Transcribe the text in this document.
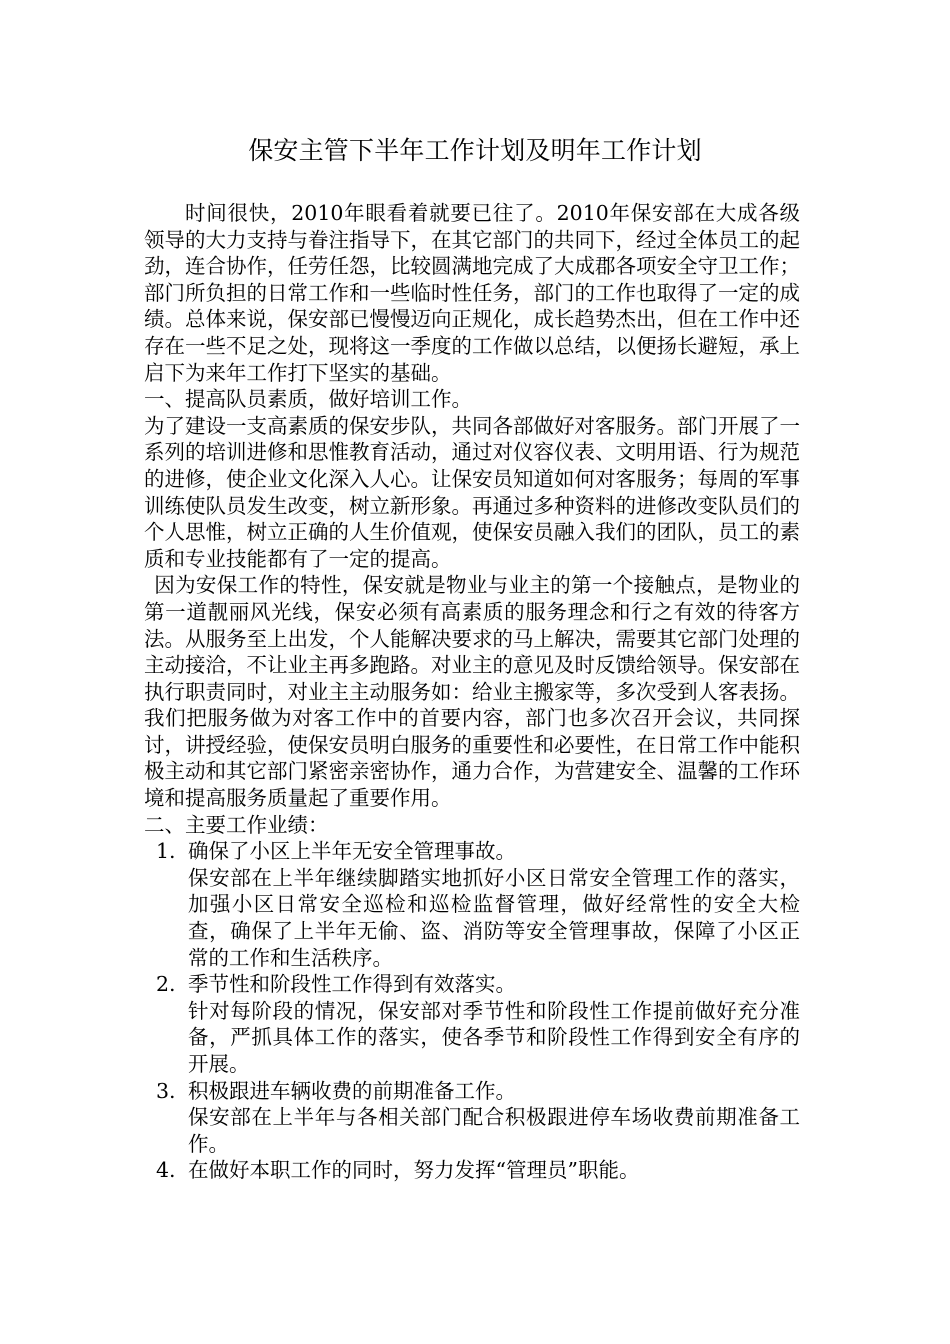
保安主管下半年工作计划及明年工作计划

时间很快，2010年眼看着就要已往了。2010年保安部在大成各级领导的大力支持与眷注指导下，在其它部门的共同下，经过全体员工的起劲，连合协作，任劳任怨，比较圆满地完成了大成郡各项安全守卫工作；部门所负担的日常工作和一些临时性任务，部门的工作也取得了一定的成绩。总体来说，保安部已慢慢迈向正规化，成长趋势杰出，但在工作中还存在一些不足之处，现将这一季度的工作做以总结，以便扬长避短，承上启下为来年工作打下坚实的基础。

一、提高队员素质，做好培训工作。

为了建设一支高素质的保安步队，共同各部做好对客服务。部门开展了一系列的培训进修和思惟教育活动，通过对仪容仪表、文明用语、行为规范的进修，使企业文化深入人心。让保安员知道如何对客服务；每周的军事训练使队员发生改变，树立新形象。再通过多种资料的进修改变队员们的个人思惟，树立正确的人生价值观，使保安员融入我们的团队，员工的素质和专业技能都有了一定的提高。

因为安保工作的特性，保安就是物业与业主的第一个接触点，是物业的第一道靓丽风光线，保安必须有高素质的服务理念和行之有效的待客方法。从服务至上出发，个人能解决要求的马上解决，需要其它部门处理的主动接洽，不让业主再多跑路。对业主的意见及时反馈给领导。保安部在执行职责同时，对业主主动服务如：给业主搬家等，多次受到人客表扬。我们把服务做为对客工作中的首要内容，部门也多次召开会议，共同探讨，讲授经验，使保安员明白服务的重要性和必要性，在日常工作中能积极主动和其它部门紧密亲密协作，通力合作，为营建安全、温馨的工作环境和提高服务质量起了重要作用。

二、主要工作业绩：

1. 确保了小区上半年无安全管理事故。
保安部在上半年继续脚踏实地抓好小区日常安全管理工作的落实，加强小区日常安全巡检和巡检监督管理，做好经常性的安全大检查，确保了上半年无偷、盗、消防等安全管理事故，保障了小区正常的工作和生活秩序。
2. 季节性和阶段性工作得到有效落实。
针对每阶段的情况，保安部对季节性和阶段性工作提前做好充分准备，严抓具体工作的落实，使各季节和阶段性工作得到安全有序的开展。
3. 积极跟进车辆收费的前期准备工作。
保安部在上半年与各相关部门配合积极跟进停车场收费前期准备工作。
4. 在做好本职工作的同时，努力发挥“管理员”职能。
